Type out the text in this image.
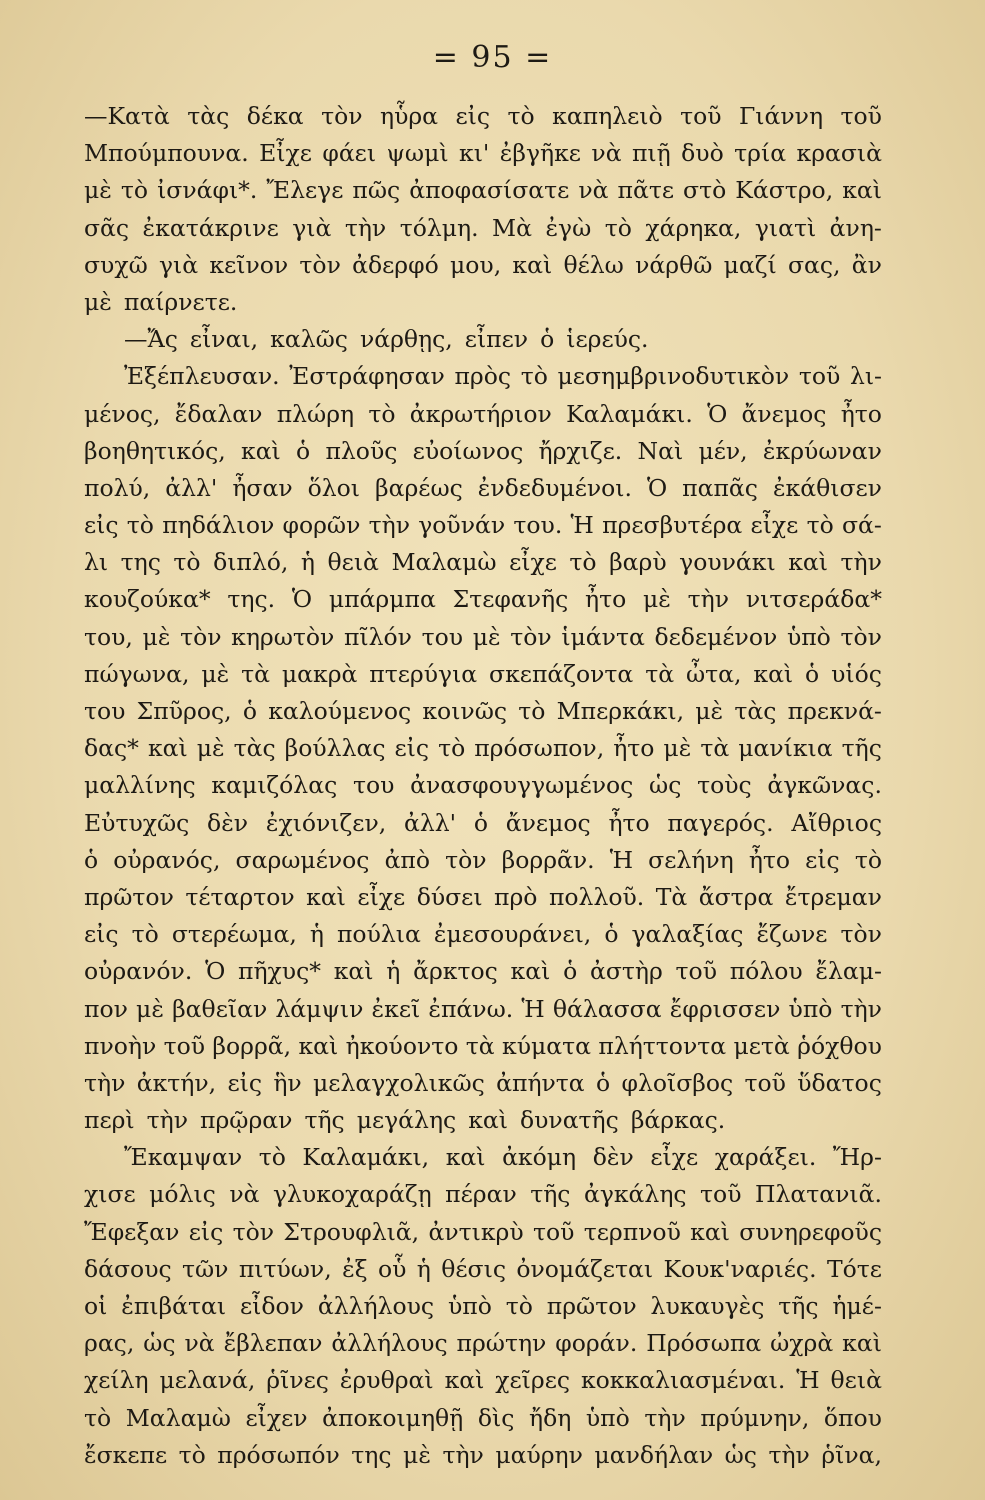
= 95 =
—Κατὰ τὰς δέκα τὸν ηὗρα εἰς τὸ καπηλειὸ τοῦ Γιάννη τοῦ
Μπούμπουνα. Εἶχε φάει ψωμὶ κι' ἐβγῆκε νὰ πιῇ δυὸ τρία κρασιὰ
μὲ τὸ ἰσνάφι*. Ἔλεγε πῶς ἀποφασίσατε νὰ πᾶτε στὸ Κάστρο, καὶ
σᾶς ἐκατάκρινε γιὰ τὴν τόλμη. Μὰ ἐγὼ τὸ χάρηκα, γιατὶ ἀνη-
συχῶ γιὰ κεῖνον τὸν ἀδερφό μου, καὶ θέλω νάρθῶ μαζί σας, ἂν
μὲ παίρνετε.
—Ἄς εἶναι, καλῶς νάρθῃς, εἶπεν ὁ ἱερεύς.
Ἐξέπλευσαν. Ἐστράφησαν πρὸς τὸ μεσημβρινοδυτικὸν τοῦ λι-
μένος, ἔδαλαν πλώρη τὸ ἀκρωτήριον Καλαμάκι. Ὁ ἄνεμος ἦτο
βοηθητικός, καὶ ὁ πλοῦς εὐοίωνος ἤρχιζε. Ναὶ μέν, ἐκρύωναν
πολύ, ἀλλ' ἦσαν ὅλοι βαρέως ἐνδεδυμένοι. Ὁ παπᾶς ἐκάθισεν
εἰς τὸ πηδάλιον φορῶν τὴν γοῦνάν του. Ἡ πρεσβυτέρα εἶχε τὸ σά-
λι της τὸ διπλό, ἡ θειὰ Μαλαμὼ εἶχε τὸ βαρὺ γουνάκι καὶ τὴν
κουζούκα* της. Ὁ μπάρμπα Στεφανῆς ἦτο μὲ τὴν νιτσεράδα*
του, μὲ τὸν κηρωτὸν πῖλόν του μὲ τὸν ἱμάντα δεδεμένον ὑπὸ τὸν
πώγωνα, μὲ τὰ μακρὰ πτερύγια σκεπάζοντα τὰ ὦτα, καὶ ὁ υἱός
του Σπῦρος, ὁ καλούμενος κοινῶς τὸ Μπερκάκι, μὲ τὰς πρεκνά-
δας* καὶ μὲ τὰς βούλλας εἰς τὸ πρόσωπον, ἦτο μὲ τὰ μανίκια τῆς
μαλλίνης καμιζόλας του ἀνασφουγγωμένος ὡς τοὺς ἀγκῶνας.
Εὐτυχῶς δὲν ἐχιόνιζεν, ἀλλ' ὁ ἄνεμος ἦτο παγερός. Αἴθριος
ὁ οὐρανός, σαρωμένος ἀπὸ τὸν βορρᾶν. Ἡ σελήνη ἦτο εἰς τὸ
πρῶτον τέταρτον καὶ εἶχε δύσει πρὸ πολλοῦ. Τὰ ἄστρα ἔτρεμαν
εἰς τὸ στερέωμα, ἡ πούλια ἐμεσουράνει, ὁ γαλαξίας ἔζωνε τὸν
οὐρανόν. Ὁ πῆχυς* καὶ ἡ ἄρκτος καὶ ὁ ἀστὴρ τοῦ πόλου ἔλαμ-
πον μὲ βαθεῖαν λάμψιν ἐκεῖ ἐπάνω. Ἡ θάλασσα ἔφρισσεν ὑπὸ τὴν
πνοὴν τοῦ βορρᾶ, καὶ ἠκούοντο τὰ κύματα πλήττοντα μετὰ ῥόχθου
τὴν ἀκτήν, εἰς ἣν μελαγχολικῶς ἀπήντα ὁ φλοῖσβος τοῦ ὕδατος
περὶ τὴν πρῷραν τῆς μεγάλης καὶ δυνατῆς βάρκας.
Ἔκαμψαν τὸ Καλαμάκι, καὶ ἀκόμη δὲν εἶχε χαράξει. Ἤρ-
χισε μόλις νὰ γλυκοχαράζῃ πέραν τῆς ἀγκάλης τοῦ Πλατανιᾶ.
Ἔφεξαν εἰς τὸν Στρουφλιᾶ, ἀντικρὺ τοῦ τερπνοῦ καὶ συνηρεφοῦς
δάσους τῶν πιτύων, ἐξ οὗ ἡ θέσις ὀνομάζεται Κουκ'ναριές. Τότε
οἱ ἐπιβάται εἶδον ἀλλήλους ὑπὸ τὸ πρῶτον λυκαυγὲς τῆς ἡμέ-
ρας, ὡς νὰ ἔβλεπαν ἀλλήλους πρώτην φοράν. Πρόσωπα ὠχρὰ καὶ
χείλη μελανά, ῥῖνες ἐρυθραὶ καὶ χεῖρες κοκκαλιασμέναι. Ἡ θειὰ
τὸ Μαλαμὼ εἶχεν ἀποκοιμηθῇ δὶς ἤδη ὑπὸ τὴν πρύμνην, ὅπου
ἔσκεπε τὸ πρόσωπόν της μὲ τὴν μαύρην μανδήλαν ὡς τὴν ῥῖνα,
